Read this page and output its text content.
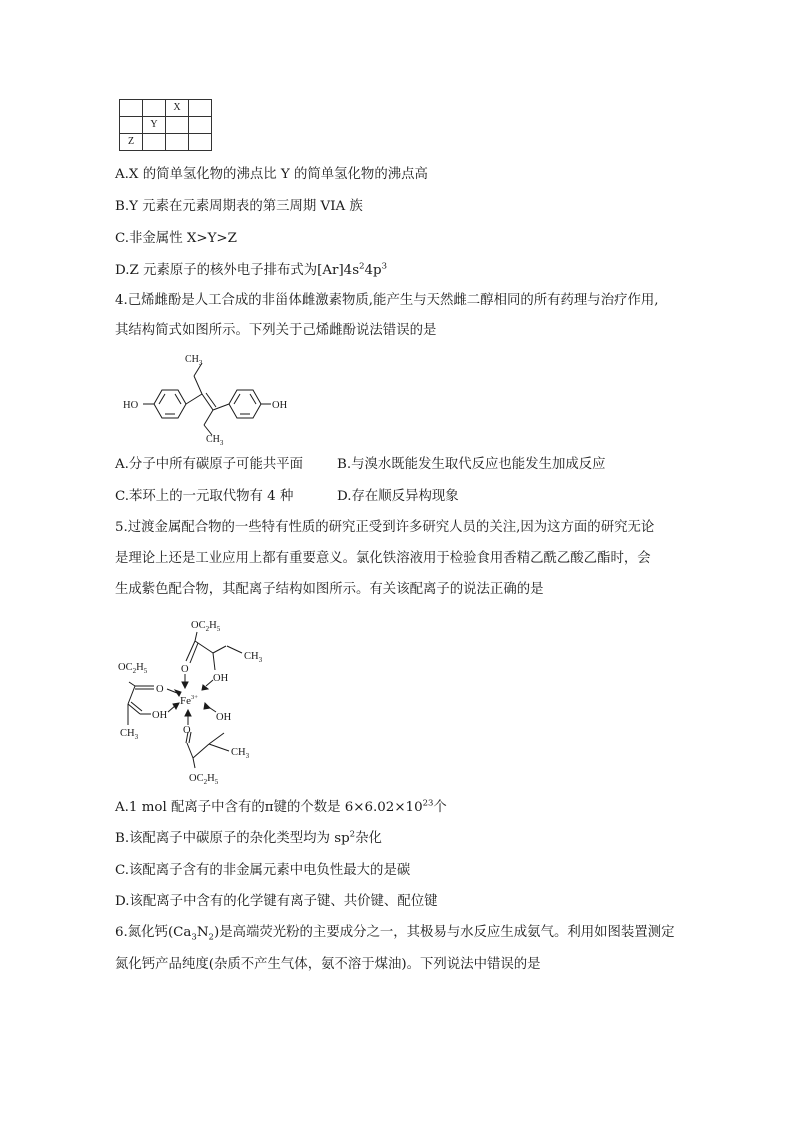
		X	
	Y		
Z			
A.X 的简单氢化物的沸点比 Y 的简单氢化物的沸点高
B.Y 元素在元素周期表的第三周期 VIA 族
C.非金属性 X>Y>Z
D.Z 元素原子的核外电子排布式为$[Ar]4s^24p^3$
4.己烯雌酚是人工合成的非甾体雌激素物质,能产生与天然雌二醇相同的所有药理与治疗作用,
其结构简式如图所示。下列关于己烯雌酚说法错误的是
HO	OH
$CH_3$
$CH_3$
A.分子中所有碳原子可能共平面	B.与溴水既能发生取代反应也能发生加成反应
C.苯环上的一元取代物有 4 种	D.存在顺反异构现象
5.过渡金属配合物的一些特有性质的研究正受到许多研究人员的关注,因为这方面的研究无论
是理论上还是工业应用上都有重要意义。氯化铁溶液用于检验食用香精乙酰乙酸乙酯时，会
生成紫色配合物，其配离子结构如图所示。有关该配离子的说法正确的是
$OC_2H_5$
$CH_3$
O
OH
$OC_2H_5$
O
OH
$CH_3$
$Fe^{3+}$
OH
O
$CH_3$
$OC_2H_5$
A.1 mol 配离子中含有的π键的个数是 $6\times 6.02\times 10^{23}$个
B.该配离子中碳原子的杂化类型均为 $sp^2$杂化
C.该配离子含有的非金属元素中电负性最大的是碳
D.该配离子中含有的化学键有离子键、共价键、配位键
6.氮化钙$(Ca_3N_2)$是高端荧光粉的主要成分之一，其极易与水反应生成氨气。利用如图装置测定
氮化钙产品纯度(杂质不产生气体，氨不溶于煤油)。下列说法中错误的是
